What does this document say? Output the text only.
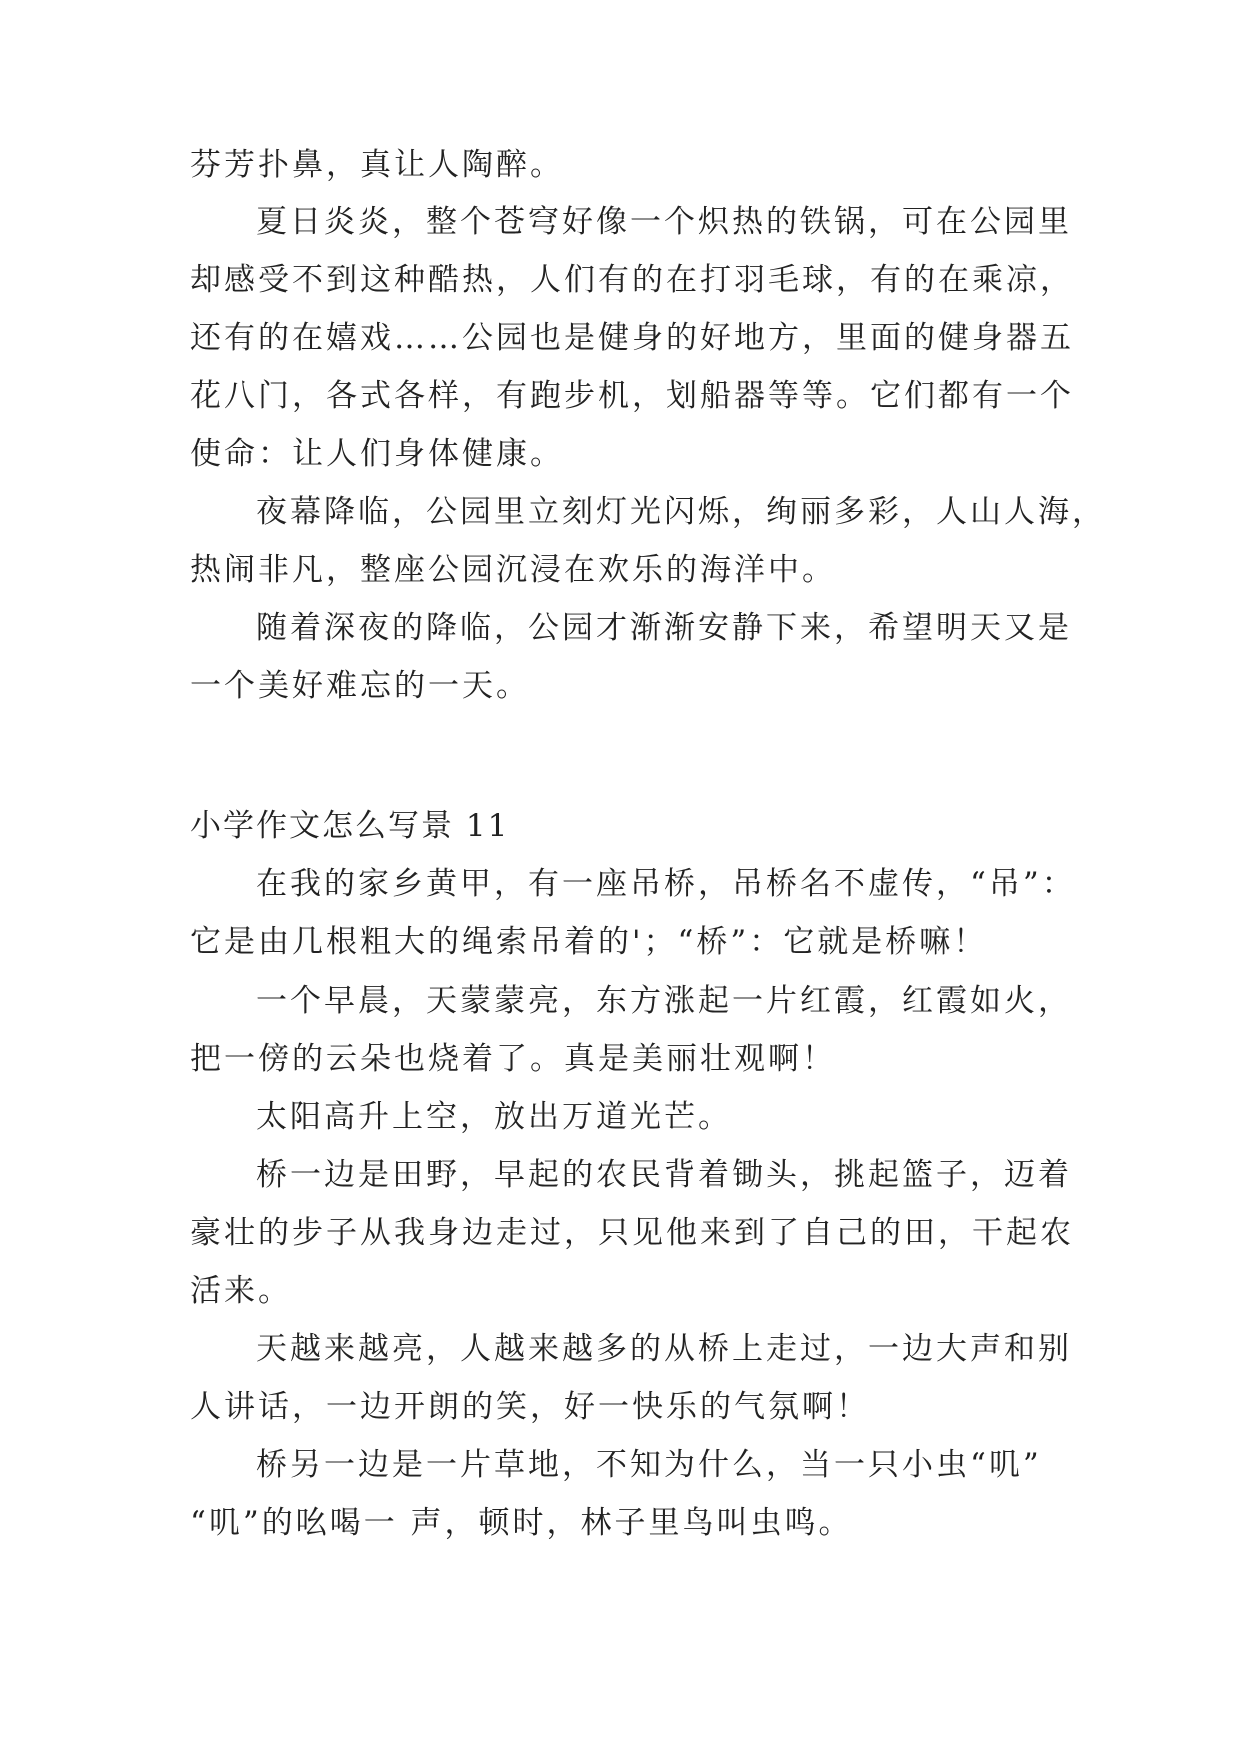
芬芳扑鼻，真让人陶醉。
夏日炎炎，整个苍穹好像一个炽热的铁锅，可在公园里
却感受不到这种酷热，人们有的在打羽毛球，有的在乘凉，
还有的在嬉戏……公园也是健身的好地方，里面的健身器五
花八门，各式各样，有跑步机，划船器等等。它们都有一个
使命：让人们身体健康。
夜幕降临，公园里立刻灯光闪烁，绚丽多彩，人山人海，
热闹非凡，整座公园沉浸在欢乐的海洋中。
随着深夜的降临，公园才渐渐安静下来，希望明天又是
一个美好难忘的一天。
小学作文怎么写景 11
在我的家乡黄甲，有一座吊桥，吊桥名不虚传，“吊”：
它是由几根粗大的绳索吊着的'；“桥”：它就是桥嘛！
一个早晨，天蒙蒙亮，东方涨起一片红霞，红霞如火，
把一傍的云朵也烧着了。真是美丽壮观啊！
太阳高升上空，放出万道光芒。
桥一边是田野，早起的农民背着锄头，挑起篮子，迈着
豪壮的步子从我身边走过，只见他来到了自己的田，干起农
活来。
天越来越亮，人越来越多的从桥上走过，一边大声和别
人讲话，一边开朗的笑，好一快乐的气氛啊！
桥另一边是一片草地，不知为什么，当一只小虫“叽”
“叽”的吆喝一 声，顿时，林子里鸟叫虫鸣。
